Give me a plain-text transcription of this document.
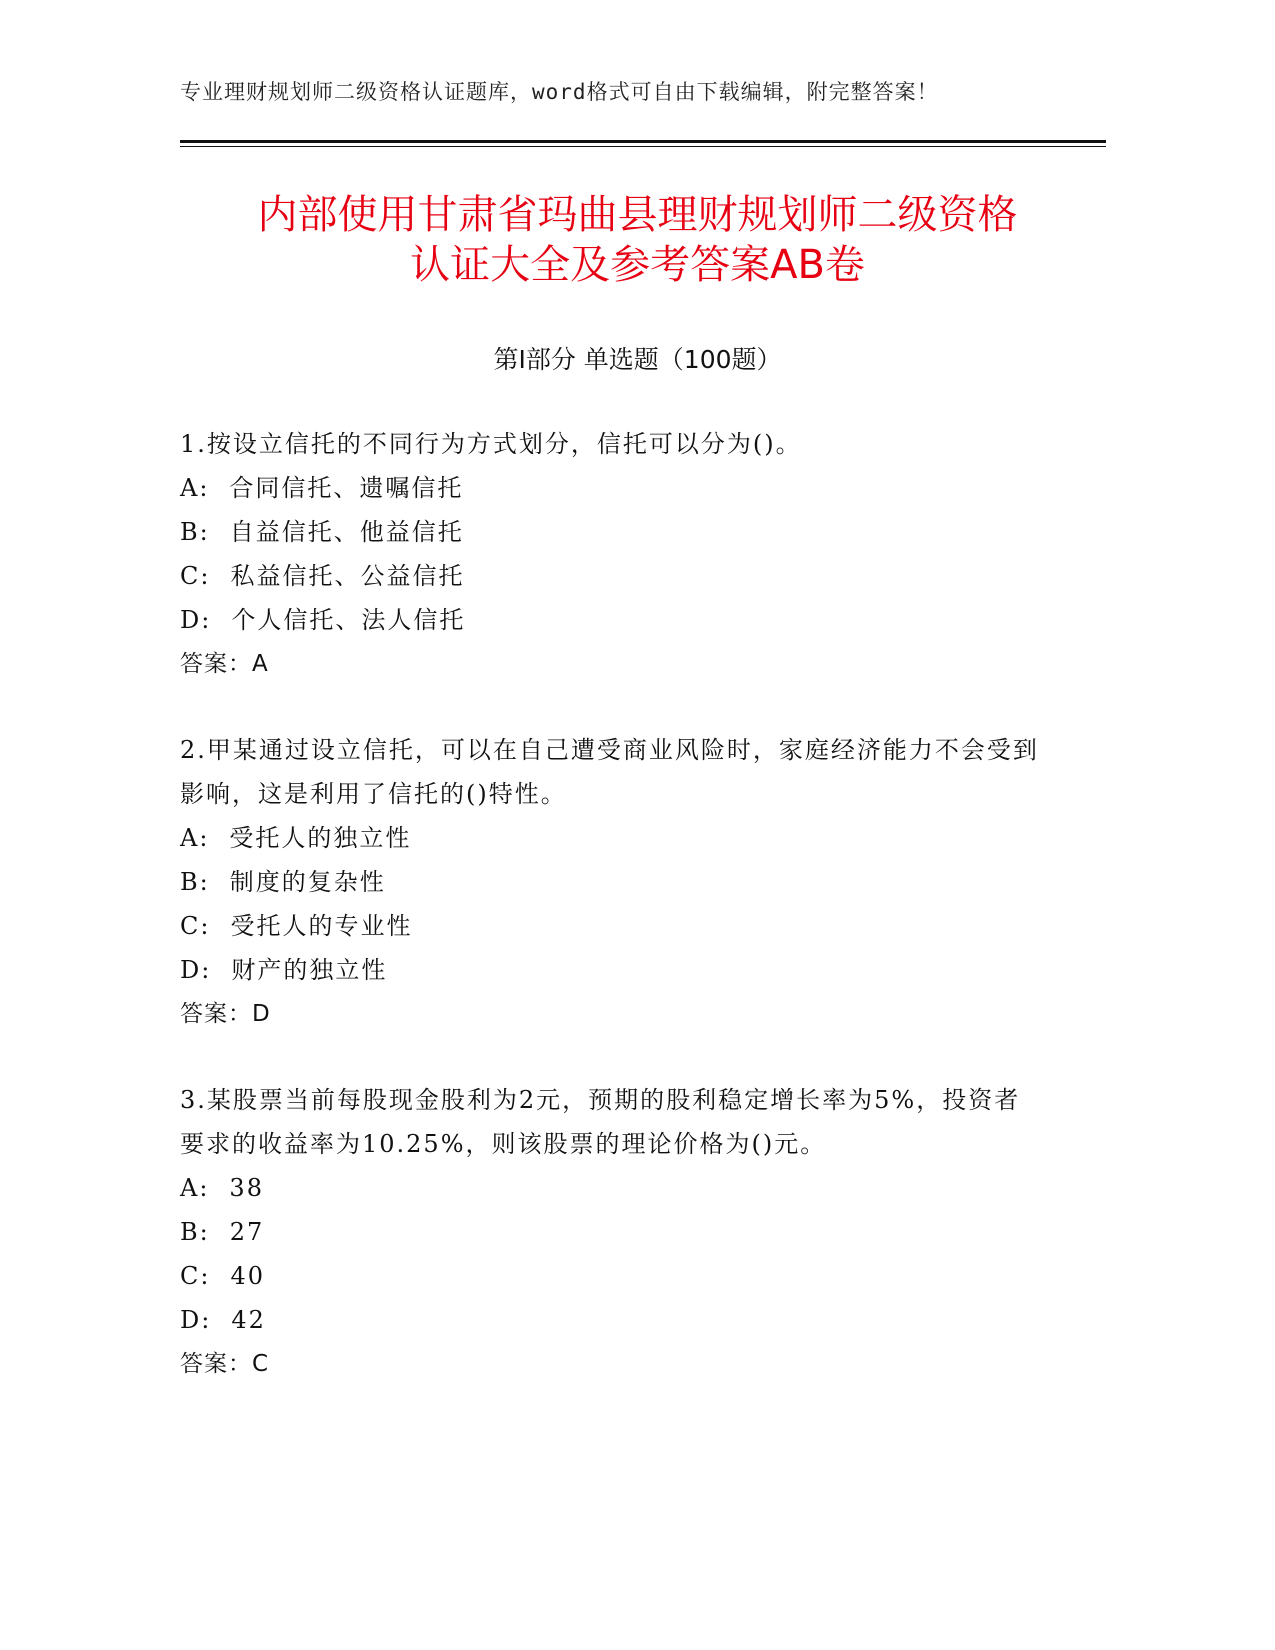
专业理财规划师二级资格认证题库，word格式可自由下载编辑，附完整答案！
内部使用甘肃省玛曲县理财规划师二级资格
认证大全及参考答案AB卷
第Ⅰ部分 单选题（100题）

1.按设立信托的不同行为方式划分，信托可以分为()。

A: 合同信托、遗嘱信托

B: 自益信托、他益信托

C: 私益信托、公益信托

D: 个人信托、法人信托

答案：A

2.甲某通过设立信托，可以在自己遭受商业风险时，家庭经济能力不会受到影响，这是利用了信托的()特性。

A: 受托人的独立性

B: 制度的复杂性

C: 受托人的专业性

D: 财产的独立性

答案：D

3.某股票当前每股现金股利为2元，预期的股利稳定增长率为5%，投资者要求的收益率为10.25%，则该股票的理论价格为()元。

A: 38

B: 27

C: 40

D: 42

答案：C
